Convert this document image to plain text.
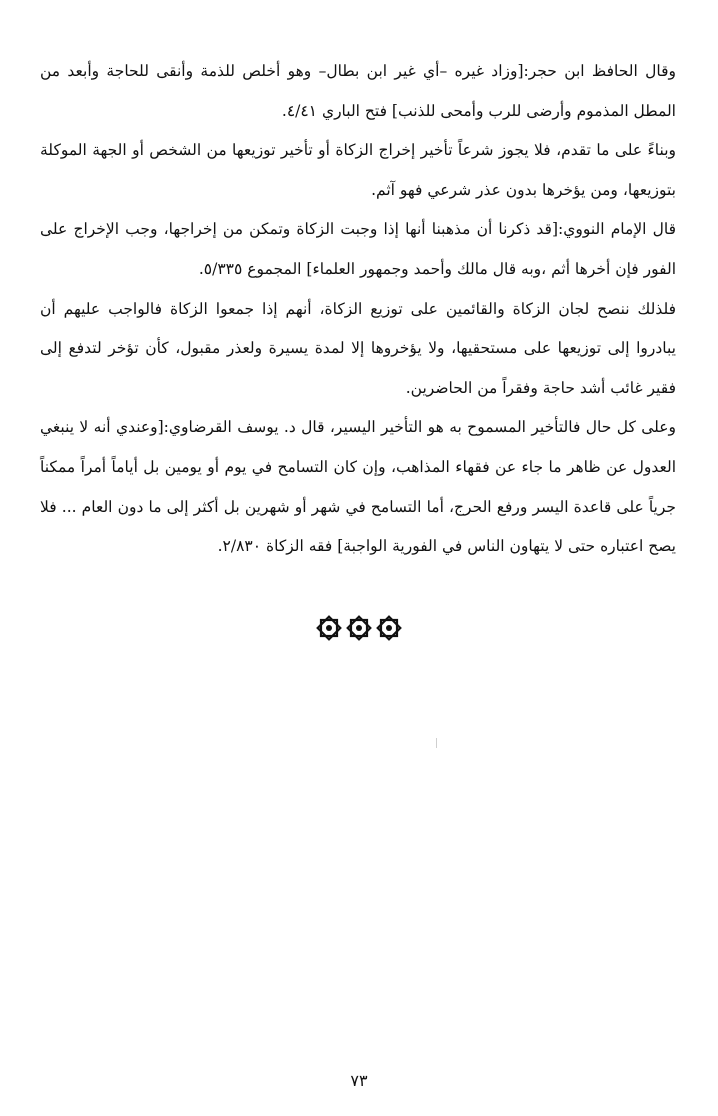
وقال الحافظ ابن حجر:[وزاد غيره –أي غير ابن بطال– وهو أخلص للذمة وأنقى للحاجة وأبعد من المطل المذموم وأرضى للرب وأمحى للذنب] فتح الباري ٤/٤١.

وبناءً على ما تقدم، فلا يجوز شرعاً تأخير إخراج الزكاة أو تأخير توزيعها من الشخص أو الجهة الموكلة بتوزيعها، ومن يؤخرها بدون عذر شرعي فهو آثم.

قال الإمام النووي:[قد ذكرنا أن مذهبنا أنها إذا وجبت الزكاة وتمكن من إخراجها، وجب الإخراج على الفور فإن أخرها أثم ،وبه قال مالك وأحمد وجمهور العلماء] المجموع ٥/٣٣٥.

فلذلك ننصح لجان الزكاة والقائمين على توزيع الزكاة، أنهم إذا جمعوا الزكاة فالواجب عليهم أن يبادروا إلى توزيعها على مستحقيها، ولا يؤخروها إلا لمدة يسيرة ولعذر مقبول، كأن تؤخر لتدفع إلى فقير غائب أشد حاجة وفقراً من الحاضرين.

وعلى كل حال فالتأخير المسموح به هو التأخير اليسير، قال د. يوسف القرضاوي:[وعندي أنه لا ينبغي العدول عن ظاهر ما جاء عن فقهاء المذاهب، وإن كان التسامح في يوم أو يومين بل أياماً أمراً ممكناً جرياً على قاعدة اليسر ورفع الحرج، أما التسامح في شهر أو شهرين بل أكثر إلى ما دون العام ... فلا يصح اعتباره حتى لا يتهاون الناس في الفورية الواجبة] فقه الزكاة ٢/٨٣٠.

٧٣
